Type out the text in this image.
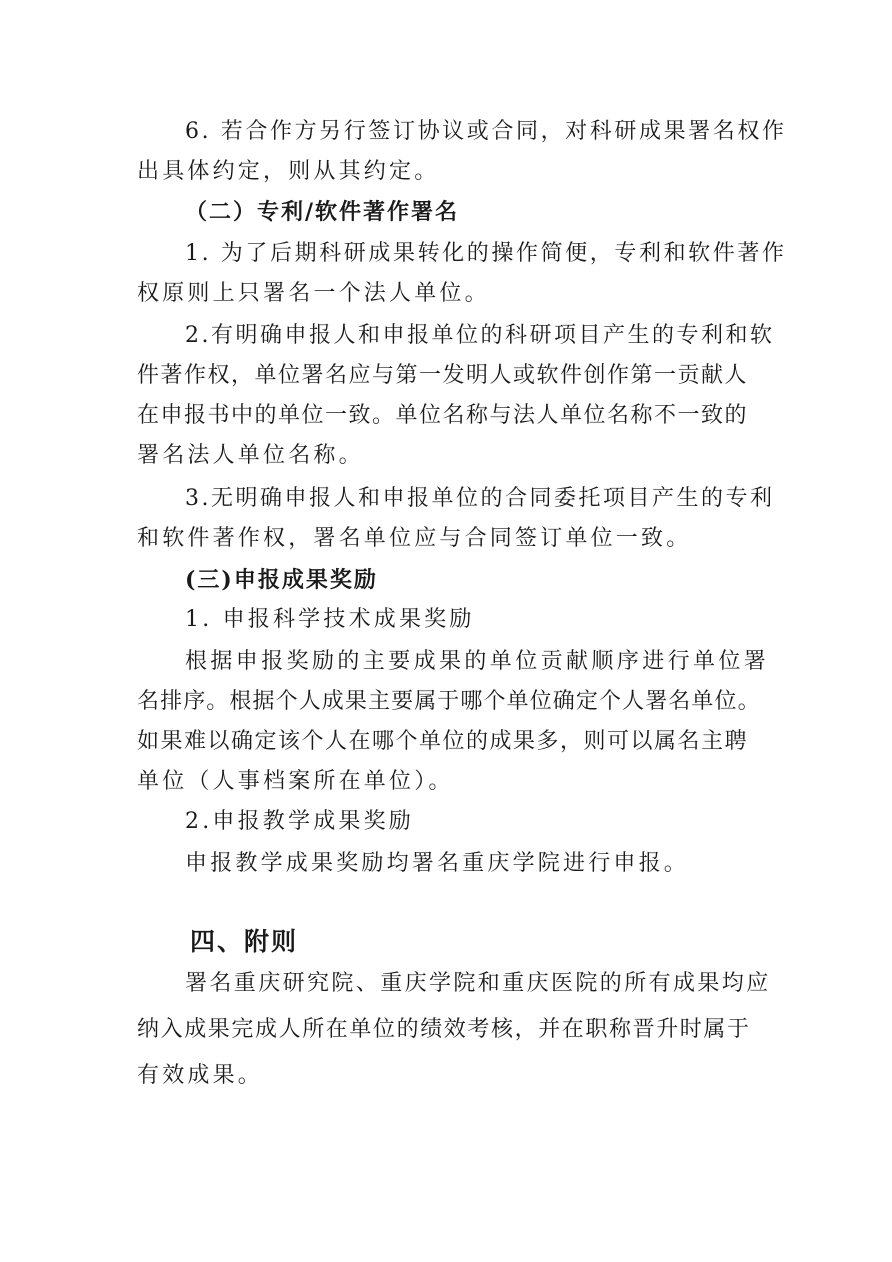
6. 若合作方另行签订协议或合同，对科研成果署名权作
出具体约定，则从其约定。
（二）专利/软件著作署名
1. 为了后期科研成果转化的操作简便，专利和软件著作
权原则上只署名一个法人单位。
2.有明确申报人和申报单位的科研项目产生的专利和软
件著作权，单位署名应与第一发明人或软件创作第一贡献人
在申报书中的单位一致。单位名称与法人单位名称不一致的
署名法人单位名称。
3.无明确申报人和申报单位的合同委托项目产生的专利
和软件著作权，署名单位应与合同签订单位一致。
(三)申报成果奖励
1. 申报科学技术成果奖励
根据申报奖励的主要成果的单位贡献顺序进行单位署
名排序。根据个人成果主要属于哪个单位确定个人署名单位。
如果难以确定该个人在哪个单位的成果多，则可以属名主聘
单位（人事档案所在单位）。
2.申报教学成果奖励
申报教学成果奖励均署名重庆学院进行申报。
四、附则
署名重庆研究院、重庆学院和重庆医院的所有成果均应
纳入成果完成人所在单位的绩效考核，并在职称晋升时属于
有效成果。
